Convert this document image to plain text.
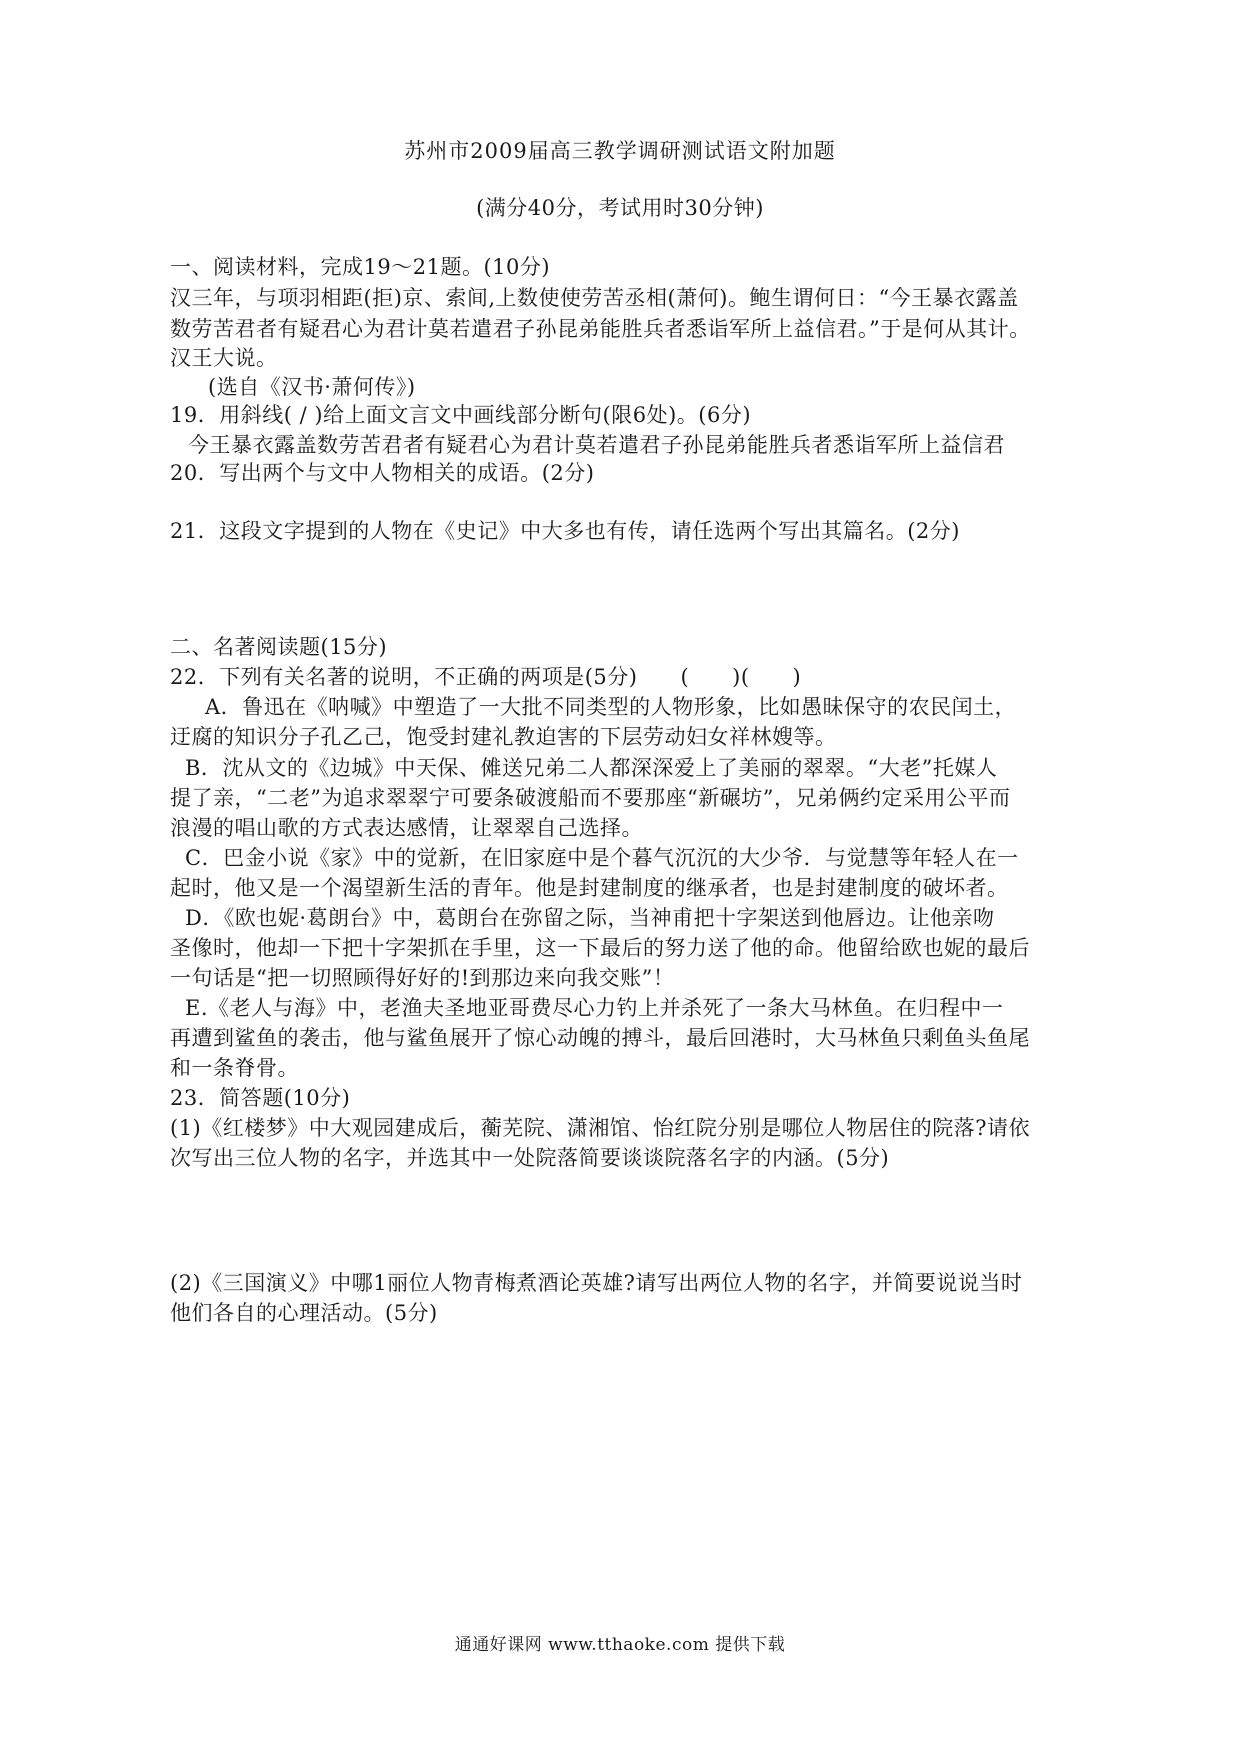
苏州市2009届高三教学调研测试语文附加题
(满分40分，考试用时30分钟)
一、阅读材料，完成19～21题。(10分)
汉三年，与项羽相距(拒)京、索间,上数使使劳苦丞相(萧何)。鲍生谓何日：“今王暴衣露盖
数劳苦君者有疑君心为君计莫若遣君子孙昆弟能胜兵者悉诣军所上益信君。”于是何从其计。
汉王大说。
(选自《汉书·萧何传》)
19．用斜线( / )给上面文言文中画线部分断句(限6处)。(6分)
今王暴衣露盖数劳苦君者有疑君心为君计莫若遣君子孙昆弟能胜兵者悉诣军所上益信君
20．写出两个与文中人物相关的成语。(2分)
21．这段文字提到的人物在《史记》中大多也有传，请任选两个写出其篇名。(2分)
二、名著阅读题(15分)
22．下列有关名著的说明，不正确的两项是(5分)　　(　　)(　　)
A．鲁迅在《呐喊》中塑造了一大批不同类型的人物形象，比如愚昧保守的农民闰土，
迂腐的知识分子孔乙己，饱受封建礼教迫害的下层劳动妇女祥林嫂等。
B．沈从文的《边城》中天保、傩送兄弟二人都深深爱上了美丽的翠翠。“大老”托媒人
提了亲，“二老”为追求翠翠宁可要条破渡船而不要那座“新碾坊”，兄弟俩约定采用公平而
浪漫的唱山歌的方式表达感情，让翠翠自己选择。
C．巴金小说《家》中的觉新，在旧家庭中是个暮气沉沉的大少爷．与觉慧等年轻人在一
起时，他又是一个渴望新生活的青年。他是封建制度的继承者，也是封建制度的破坏者。
D．《欧也妮·葛朗台》中，葛朗台在弥留之际，当神甫把十字架送到他唇边。让他亲吻
圣像时，他却一下把十字架抓在手里，这一下最后的努力送了他的命。他留给欧也妮的最后
一句话是“把一切照顾得好好的!到那边来向我交账”！
E.《老人与海》中，老渔夫圣地亚哥费尽心力钓上并杀死了一条大马林鱼。在归程中一
再遭到鲨鱼的袭击，他与鲨鱼展开了惊心动魄的搏斗，最后回港时，大马林鱼只剩鱼头鱼尾
和一条脊骨。
23．简答题(10分)
(1)《红楼梦》中大观园建成后，蘅芜院、潇湘馆、怡红院分别是哪位人物居住的院落?请依
次写出三位人物的名字，并选其中一处院落简要谈谈院落名字的内涵。(5分)
(2)《三国演义》中哪1丽位人物青梅煮酒论英雄?请写出两位人物的名字，并简要说说当时
他们各自的心理活动。(5分)
通通好课网 www.tthaoke.com 提供下载
